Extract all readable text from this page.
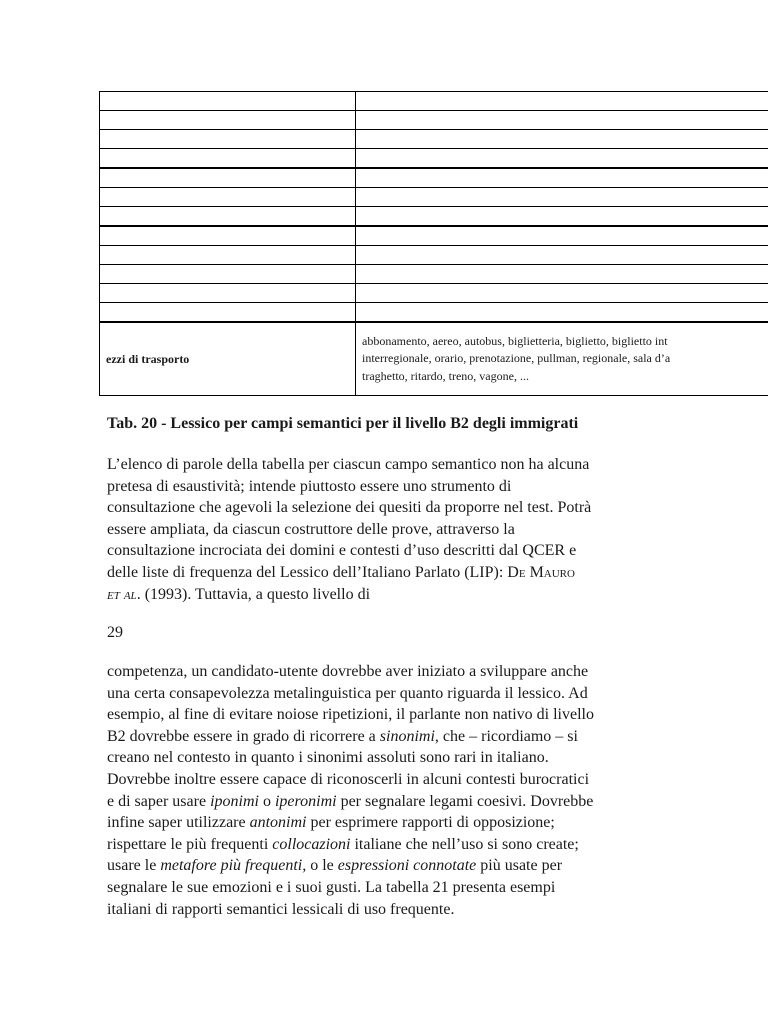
ezzi di trasporto	abbonamento, aereo, autobus, biglietteria, biglietto, biglietto int
interregionale, orario, prenotazione, pullman, regionale, sala d’a
traghetto, ritardo, treno, vagone, ...
Tab. 20 - Lessico per campi semantici per il livello B2 degli immigrati
L’elenco di parole della tabella per ciascun campo semantico non ha alcuna
pretesa di esaustività; intende piuttosto essere uno strumento di
consultazione che agevoli la selezione dei quesiti da proporre nel test. Potrà
essere ampliata, da ciascun costruttore delle prove, attraverso la
consultazione incrociata dei domini e contesti d’uso descritti dal QCER e
delle liste di frequenza del Lessico dell’Italiano Parlato (LIP): De Mauro
et al. (1993). Tuttavia, a questo livello di
29
competenza, un candidato-utente dovrebbe aver iniziato a sviluppare anche
una certa consapevolezza metalinguistica per quanto riguarda il lessico. Ad
esempio, al fine di evitare noiose ripetizioni, il parlante non nativo di livello
B2 dovrebbe essere in grado di ricorrere a sinonimi, che – ricordiamo – si
creano nel contesto in quanto i sinonimi assoluti sono rari in italiano.
Dovrebbe inoltre essere capace di riconoscerli in alcuni contesti burocratici
e di saper usare iponimi o iperonimi per segnalare legami coesivi. Dovrebbe
infine saper utilizzare antonimi per esprimere rapporti di opposizione;
rispettare le più frequenti collocazioni italiane che nell’uso si sono create;
usare le metafore più frequenti, o le espressioni connotate più usate per
segnalare le sue emozioni e i suoi gusti. La tabella 21 presenta esempi
italiani di rapporti semantici lessicali di uso frequente.
